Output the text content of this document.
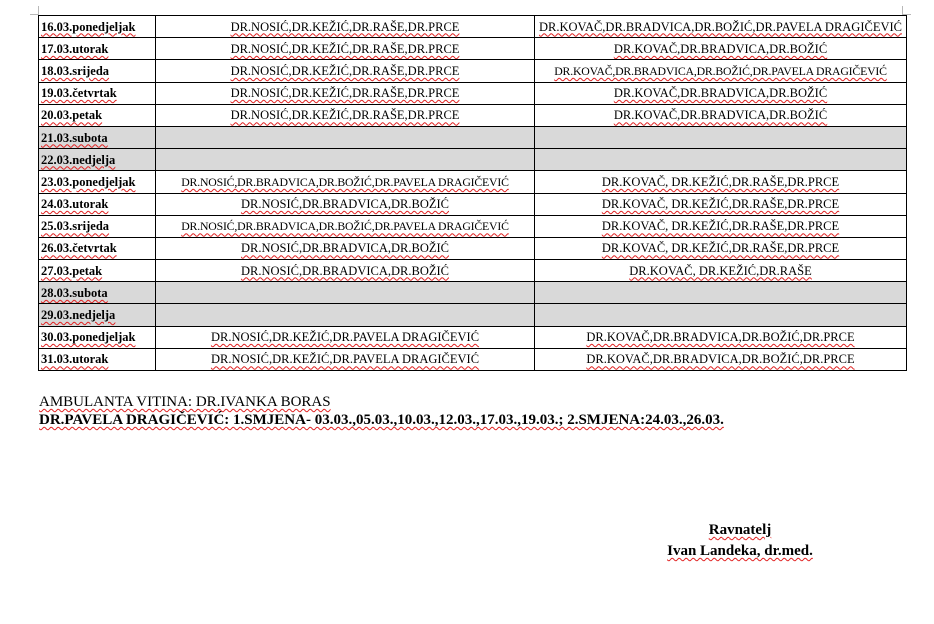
16.03.ponedjeljak	DR.NOSIĆ,DR.KEŽIĆ,DR.RAŠE,DR.PRCE	DR.KOVAČ,DR.BRADVICA,DR.BOŽIĆ,DR.PAVELA DRAGIČEVIĆ
17.03.utorak	DR.NOSIĆ,DR.KEŽIĆ,DR.RAŠE,DR.PRCE	DR.KOVAČ,DR.BRADVICA,DR.BOŽIĆ
18.03.srijeda	DR.NOSIĆ,DR.KEŽIĆ,DR.RAŠE,DR.PRCE	DR.KOVAČ,DR.BRADVICA,DR.BOŽIĆ,DR.PAVELA DRAGIČEVIĆ
19.03.četvrtak	DR.NOSIĆ,DR.KEŽIĆ,DR.RAŠE,DR.PRCE	DR.KOVAČ,DR.BRADVICA,DR.BOŽIĆ
20.03.petak	DR.NOSIĆ,DR.KEŽIĆ,DR.RAŠE,DR.PRCE	DR.KOVAČ,DR.BRADVICA,DR.BOŽIĆ
21.03.subota		
22.03.nedjelja		
23.03.ponedjeljak	DR.NOSIĆ,DR.BRADVICA,DR.BOŽIĆ,DR.PAVELA DRAGIČEVIĆ	DR.KOVAČ, DR.KEŽIĆ,DR.RAŠE,DR.PRCE
24.03.utorak	DR.NOSIĆ,DR.BRADVICA,DR.BOŽIĆ	DR.KOVAČ, DR.KEŽIĆ,DR.RAŠE,DR.PRCE
25.03.srijeda	DR.NOSIĆ,DR.BRADVICA,DR.BOŽIĆ,DR.PAVELA DRAGIČEVIĆ	DR.KOVAČ, DR.KEŽIĆ,DR.RAŠE,DR.PRCE
26.03.četvrtak	DR.NOSIĆ,DR.BRADVICA,DR.BOŽIĆ	DR.KOVAČ, DR.KEŽIĆ,DR.RAŠE,DR.PRCE
27.03.petak	DR.NOSIĆ,DR.BRADVICA,DR.BOŽIĆ	DR.KOVAČ, DR.KEŽIĆ,DR.RAŠE
28.03.subota		
29.03.nedjelja		
30.03.ponedjeljak	DR.NOSIĆ,DR.KEŽIĆ,DR.PAVELA DRAGIČEVIĆ	DR.KOVAČ,DR.BRADVICA,DR.BOŽIĆ,DR.PRCE
31.03.utorak	DR.NOSIĆ,DR.KEŽIĆ,DR.PAVELA DRAGIČEVIĆ	DR.KOVAČ,DR.BRADVICA,DR.BOŽIĆ,DR.PRCE
AMBULANTA VITINA: DR.IVANKA BORAS
DR.PAVELA DRAGIČEVIĆ: 1.SMJENA- 03.03.,05.03.,10.03.,12.03.,17.03.,19.03.; 2.SMJENA:24.03.,26.03.
Ravnatelj
Ivan Landeka, dr.med.
